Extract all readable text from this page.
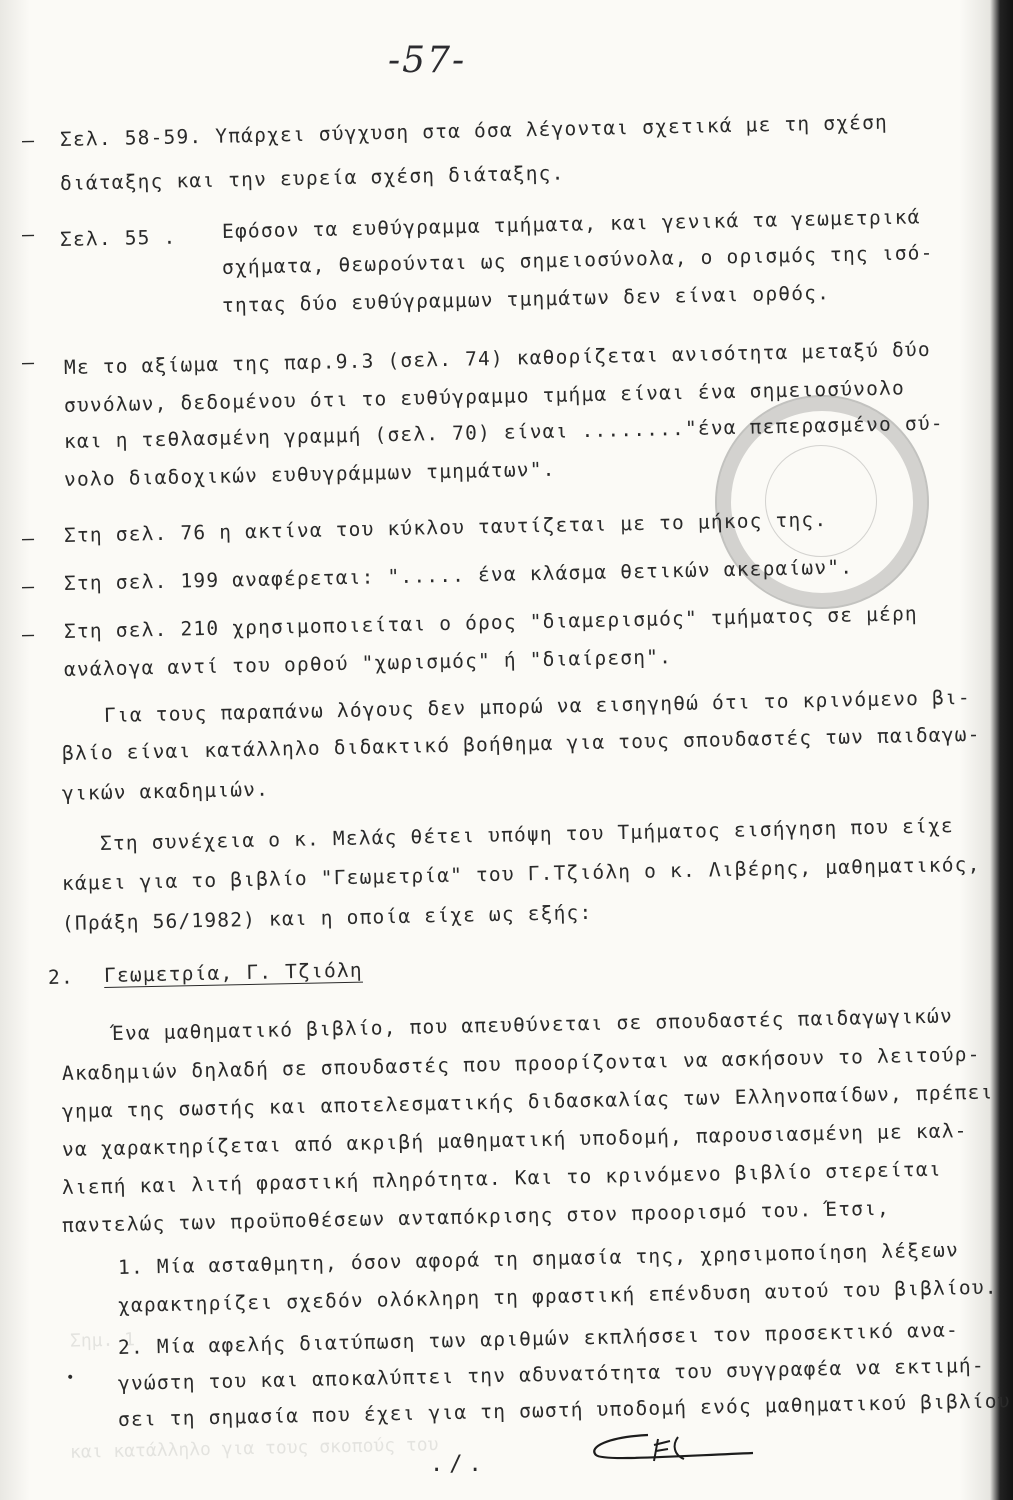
-57-
Σημ. 1
και κατάλληλο για τους σκοπούς του
–
–
–
–
–
–
Σελ. 58-59. Υπάρχει σύγχυση στα όσα λέγονται σχετικά με τη σχέση
διάταξης και την ευρεία σχέση διάταξης.
Σελ. 55 . Εφόσον τα ευθύγραμμα τμήματα, και γενικά τα γεωμετρικά
σχήματα, θεωρούνται ως σημειοσύνολα, ο ορισμός της ισό-
τητας δύο ευθύγραμμων τμημάτων δεν είναι ορθός.
Με το αξίωμα της παρ.9.3 (σελ. 74) καθορίζεται ανισότητα μεταξύ δύο
συνόλων, δεδομένου ότι το ευθύγραμμο τμήμα είναι ένα σημειοσύνολο
και η τεθλασμένη γραμμή (σελ. 70) είναι ........"ένα πεπερασμένο σύ-
νολο διαδοχικών ευθυγράμμων τμημάτων".
Στη σελ. 76 η ακτίνα του κύκλου ταυτίζεται με το μήκος της.
Στη σελ. 199 αναφέρεται: "..... ένα κλάσμα θετικών ακεραίων".
Στη σελ. 210 χρησιμοποιείται ο όρος "διαμερισμός" τμήματος σε μέρη
ανάλογα αντί του ορθού "χωρισμός" ή "διαίρεση".
Για τους παραπάνω λόγους δεν μπορώ να εισηγηθώ ότι το κρινόμενο βι-
βλίο είναι κατάλληλο διδακτικό βοήθημα για τους σπουδαστές των παιδαγω-
γικών ακαδημιών.
Στη συνέχεια ο κ. Μελάς θέτει υπόψη του Τμήματος εισήγηση που είχε
κάμει για το βιβλίο "Γεωμετρία" του Γ.Τζιόλη ο κ. Λιβέρης, μαθηματικός,
(Πράξη 56/1982) και η οποία είχε ως εξής:
2. Γεωμετρία, Γ. Τζιόλη
Ένα μαθηματικό βιβλίο, που απευθύνεται σε σπουδαστές παιδαγωγικών
Ακαδημιών δηλαδή σε σπουδαστές που προορίζονται να ασκήσουν το λειτούρ-
γημα της σωστής και αποτελεσματικής διδασκαλίας των Ελληνοπαίδων, πρέπει
να χαρακτηρίζεται από ακριβή μαθηματική υποδομή, παρουσιασμένη με καλ-
λιεπή και λιτή φραστική πληρότητα. Και το κρινόμενο βιβλίο στερείται
παντελώς των προϋποθέσεων ανταπόκρισης στον προορισμό του. Έτσι,
1. Μία ασταθμητη, όσον αφορά τη σημασία της, χρησιμοποίηση λέξεων
χαρακτηρίζει σχεδόν ολόκληρη τη φραστική επένδυση αυτού του βιβλίου.
2. Μία αφελής διατύπωση των αριθμών εκπλήσσει τον προσεκτικό ανα-
γνώστη του και αποκαλύπτει την αδυνατότητα του συγγραφέα να εκτιμή-
σει τη σημασία που έχει για τη σωστή υποδομή ενός μαθηματικού βιβλίου
•
./.
